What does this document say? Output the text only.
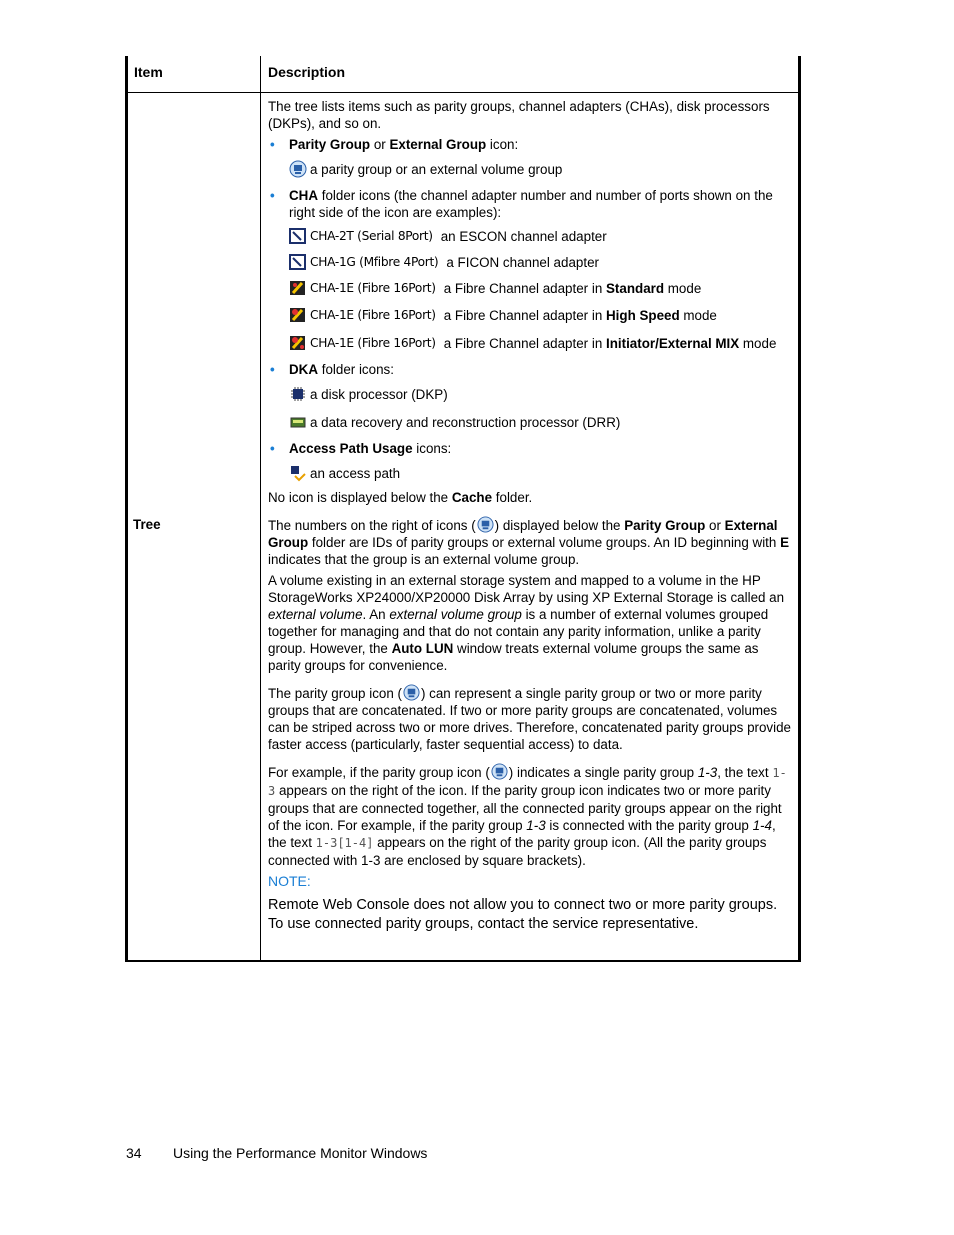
Item	Description
Tree

The tree lists items such as parity groups, channel adapters (CHAs), disk processors (DKPs), and so on.

• Parity Group or External Group icon:
a parity group or an external volume group
• CHA folder icons (the channel adapter number and number of ports shown on the right side of the icon are examples):
CHA-2T (Serial 8Port) an ESCON channel adapter
CHA-1G (Mfibre 4Port) a FICON channel adapter
CHA-1E (Fibre 16Port) a Fibre Channel adapter in Standard mode
CHA-1E (Fibre 16Port) a Fibre Channel adapter in High Speed mode
CHA-1E (Fibre 16Port) a Fibre Channel adapter in Initiator/External MIX mode
• DKA folder icons:
a disk processor (DKP)
a data recovery and reconstruction processor (DRR)
• Access Path Usage icons:
an access path

No icon is displayed below the Cache folder.

The numbers on the right of icons ( ) displayed below the Parity Group or External Group folder are IDs of parity groups or external volume groups. An ID beginning with E indicates that the group is an external volume group.

A volume existing in an external storage system and mapped to a volume in the HP StorageWorks XP24000/XP20000 Disk Array by using XP External Storage is called an external volume. An external volume group is a number of external volumes grouped together for managing and that do not contain any parity information, unlike a parity group. However, the Auto LUN window treats external volume groups the same as parity groups for convenience.

The parity group icon ( ) can represent a single parity group or two or more parity groups that are concatenated. If two or more parity groups are concatenated, volumes can be striped across two or more drives. Therefore, concatenated parity groups provide faster access (particularly, faster sequential access) to data.

For example, if the parity group icon ( ) indicates a single parity group 1-3, the text 1-3 appears on the right of the icon. If the parity group icon indicates two or more parity groups that are connected together, all the connected parity groups appear on the right of the icon. For example, if the parity group 1-3 is connected with the parity group 1-4, the text 1-3[1-4] appears on the right of the parity group icon. (All the parity groups connected with 1-3 are enclosed by square brackets).

NOTE:

Remote Web Console does not allow you to connect two or more parity groups. To use connected parity groups, contact the service representative.

34 Using the Performance Monitor Windows
